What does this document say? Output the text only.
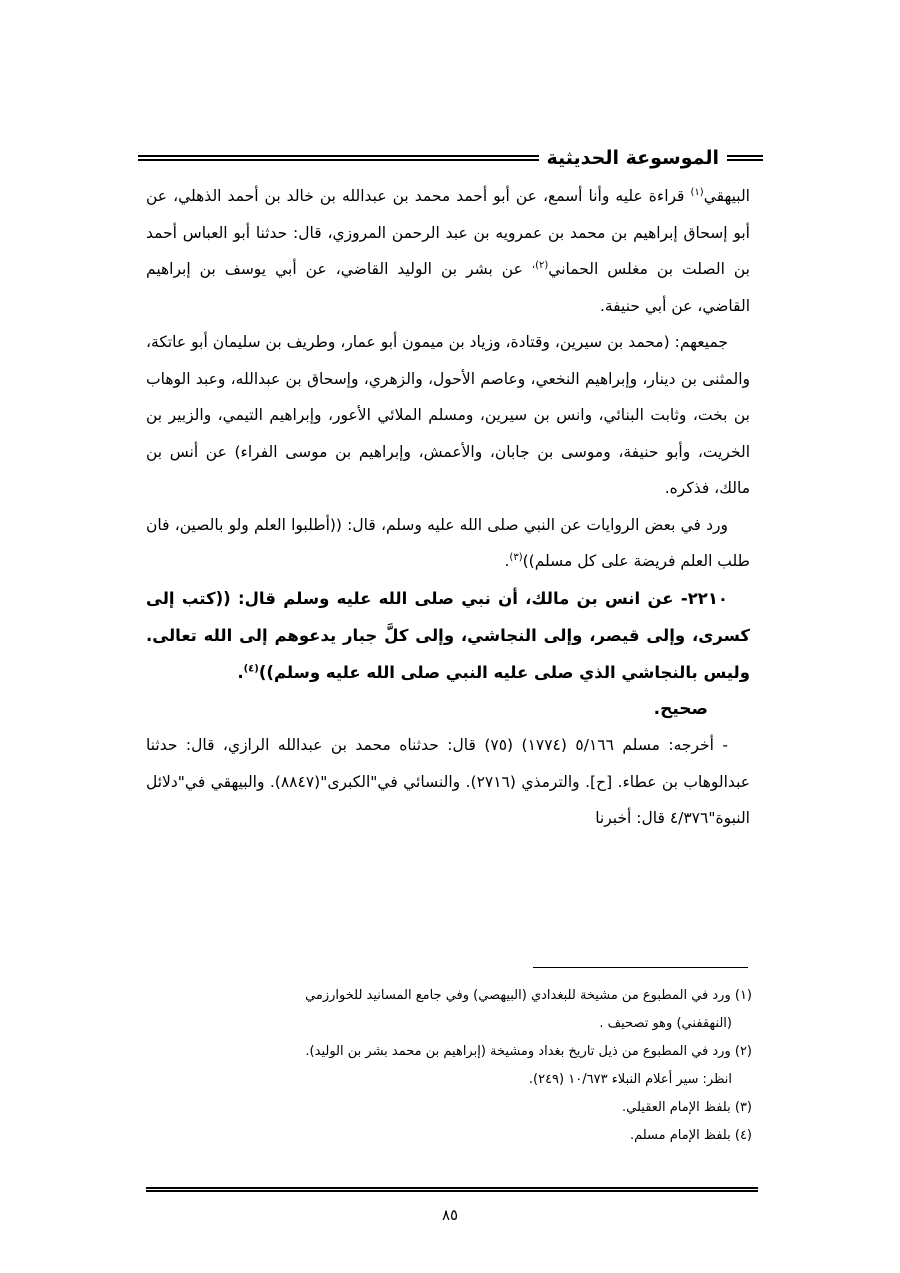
الموسوعة الحديثية

البيهقي$^{(١)}$ قراءة عليه وأنا أسمع، عن أبو أحمد محمد بن عبدالله بن خالد بن أحمد الذهلي، عن أبو إسحاق إبراهيم بن محمد بن عمرويه بن عبد الرحمن المروزي، قال: حدثنا أبو العباس أحمد بن الصلت بن مغلس الحماني$^{(٢)،}$ عن بشر بن الوليد القاضي، عن أبي يوسف بن إبراهيم القاضي، عن أبي حنيفة.

جميعهم: (محمد بن سيرين، وقتادة، وزياد بن ميمون أبو عمار، وطريف بن سليمان أبو عاتكة، والمثنى بن دينار، وإبراهيم النخعي، وعاصم الأحول، والزهري، وإسحاق بن عبدالله، وعبد الوهاب بن بخت، وثابت البنائي، وانس بن سيرين، ومسلم الملائي الأعور، وإبراهيم التيمي، والزبير بن الخريت، وأبو حنيفة، وموسى بن جابان، والأعمش، وإبراهيم بن موسى الفراء) عن أنس بن مالك، فذكره.

ورد في بعض الروايات عن النبي صلى الله عليه وسلم، قال: ((أطلبوا العلم ولو بالصين، فان طلب العلم فريضة على كل مسلم))$^{(٣)}$.

٢٢١٠- عن انس بن مالك، أن نبي صلى الله عليه وسلم قال: ((كتب إلى كسرى، وإلى قيصر، وإلى النجاشي، وإلى كلَّ جبار يدعوهم إلى الله تعالى. وليس بالنجاشي الذي صلى عليه النبي صلى الله عليه وسلم))$^{(٤)}$.

صحيح.

- أخرجه: مسلم ٥/١٦٦ (١٧٧٤) (٧٥) قال: حدثناه محمد بن عبدالله الرازي، قال: حدثنا عبدالوهاب بن عطاء. [ح]. والترمذي (٢٧١٦). والنسائي في"الكبرى"(٨٨٤٧). والبيهقي في"دلائل النبوة"٤/٣٧٦ قال: أخبرنا

(١) ورد في المطبوع من مشيخة للبغدادي (البيهصي) وفي جامع المسانيد للخوارزمي

(النهقفني) وهو تصحيف .

(٢) ورد في المطبوع من ذيل تاريخ بغداد ومشيخة (إبراهيم بن محمد بشر بن الوليد).

انظر: سير أعلام النبلاء ١٠/٦٧٣ (٢٤٩).

(٣) بلفظ الإمام العقيلي.

(٤) بلفظ الإمام مسلم.

٨٥
